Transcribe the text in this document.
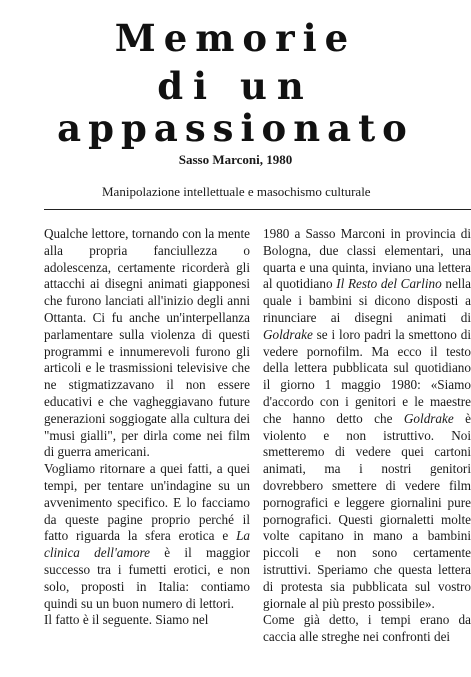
Memorie
di un
appassionato
Sasso Marconi, 1980
Manipolazione intellettuale e masochismo culturale

Qualche lettore, tornando con la mente alla propria fanciullezza o adolescenza, certamente ricorderà gli attacchi ai disegni animati giapponesi che furono lanciati all'inizio degli anni Ottanta. Ci fu anche un'interpellanza parlamentare sulla violenza di questi programmi e innumerevoli furono gli articoli e le trasmissioni televisive che ne stigmatizzavano il non essere educativi e che vagheggiavano future generazioni soggiogate alla cultura dei "musi gialli", per dirla come nei film di guerra americani.

Vogliamo ritornare a quei fatti, a quei tempi, per tentare un'indagine su un avvenimento specifico. E lo facciamo da queste pagine proprio perché il fatto riguarda la sfera erotica e La clinica dell'amore è il maggior successo tra i fumetti erotici, e non solo, proposti in Italia: contiamo quindi su un buon numero di lettori.

Il fatto è il seguente. Siamo nel

1980 a Sasso Marconi in provincia di Bologna, due classi elementari, una quarta e una quinta, inviano una lettera al quotidiano Il Resto del Carlino nella quale i bambini si dicono disposti a rinunciare ai disegni animati di Goldrake se i loro padri la smettono di vedere pornofilm. Ma ecco il testo della lettera pubblicata sul quotidiano il giorno 1 maggio 1980: «Siamo d'accordo con i genitori e le maestre che hanno detto che Goldrake è violento e non istruttivo. Noi smetteremo di vedere quei cartoni animati, ma i nostri genitori dovrebbero smettere di vedere film pornografici e leggere giornalini pure pornografici. Questi giornaletti molte volte capitano in mano a bambini piccoli e non sono certamente istruttivi. Speriamo che questa lettera di protesta sia pubblicata sul vostro giornale al più presto possibile».

Come già detto, i tempi erano da caccia alle streghe nei confronti dei
